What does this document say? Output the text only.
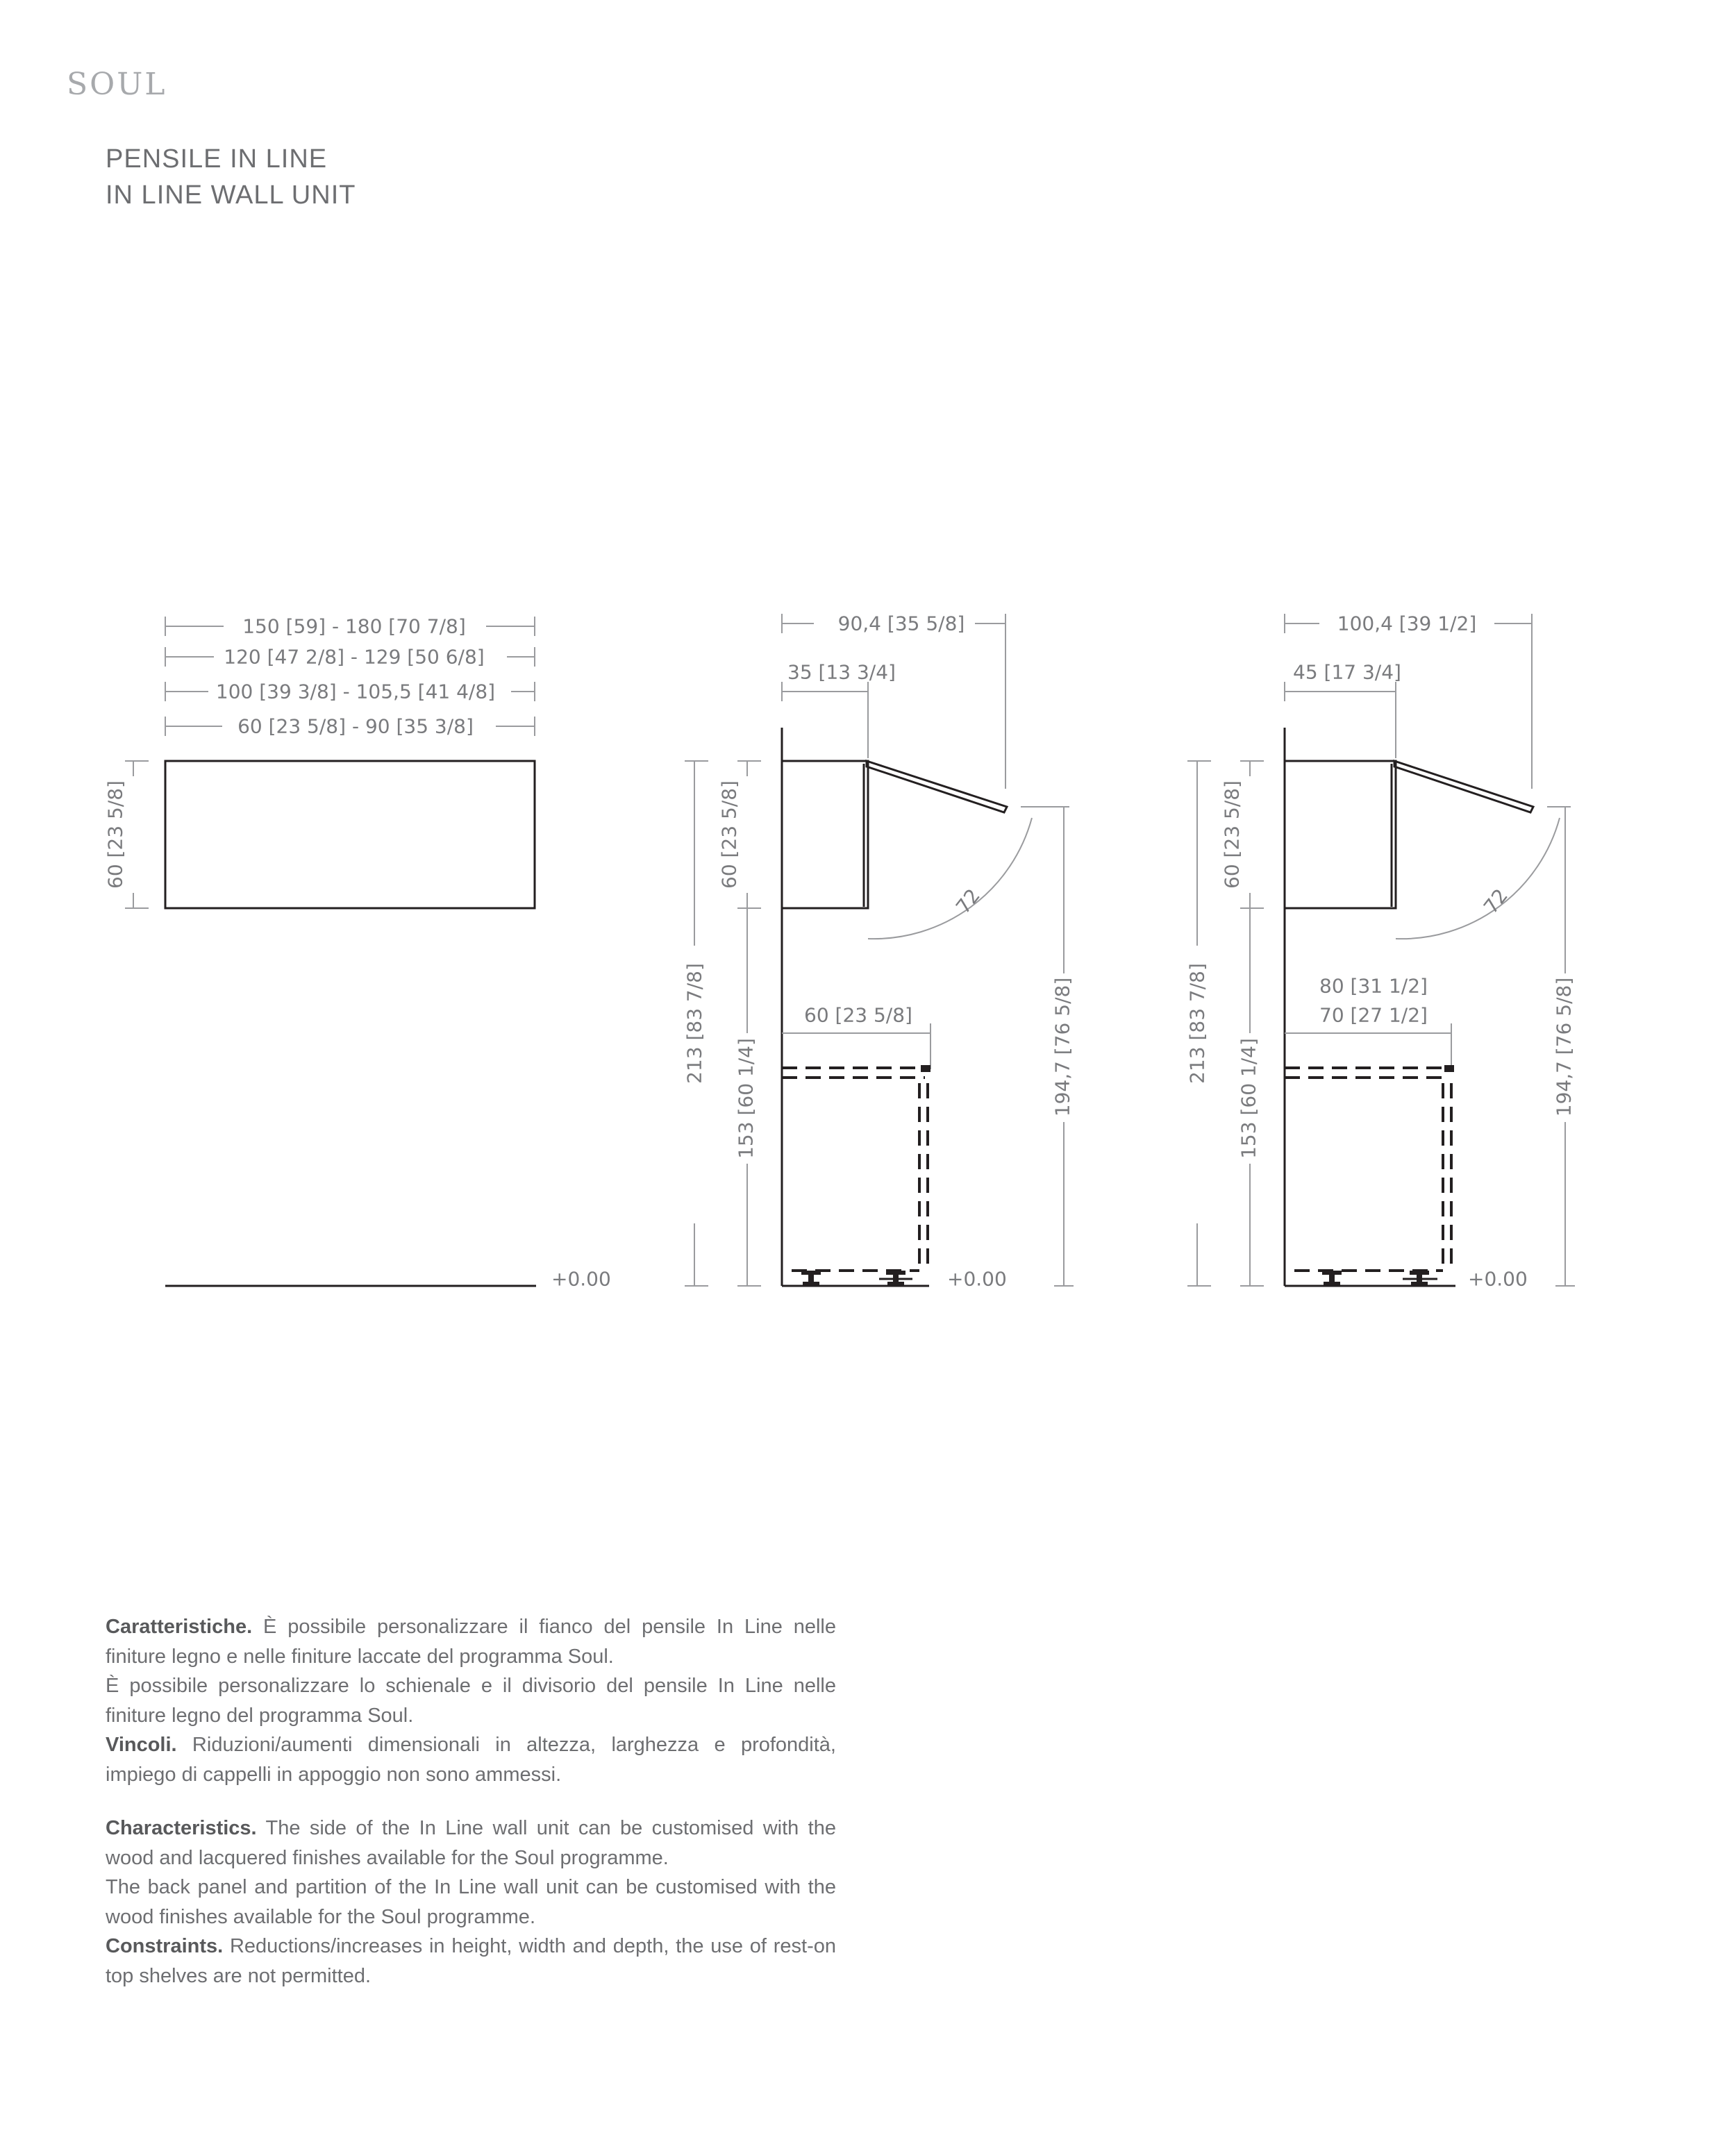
SOUL
PENSILE IN LINE
IN LINE WALL UNIT
150 [59] - 180 [70 7/8]
120 [47 2/8] - 129 [50 6/8]
100 [39 3/8] - 105,5 [41 4/8]
60 [23 5/8] - 90 [35 3/8]
60 [23 5/8]
+0.00
90,4 [35 5/8]
35 [13 3/4]
72
213 [83 7/8]
60 [23 5/8]
153 [60 1/4]	194,7 [76 5/8]
60 [23 5/8]
+0.00
100,4 [39 1/2]
45 [17 3/4]
72
213 [83 7/8]
60 [23 5/8]
153 [60 1/4]	194,7 [76 5/8]
80 [31 1/2]
70 [27 1/2]
+0.00

Caratteristiche. È possibile personalizzare il fianco del pensile In Line nelle finiture legno e nelle finiture laccate del programma Soul.

È possibile personalizzare lo schienale e il divisorio del pensile In Line nelle finiture legno del programma Soul.

Vincoli. Riduzioni/aumenti dimensionali in altezza, larghezza e profondità, impiego di cappelli in appoggio non sono ammessi.

Characteristics. The side of the In Line wall unit can be customised with the wood and lacquered finishes available for the Soul programme.

The back panel and partition of the In Line wall unit can be customised with the wood finishes available for the Soul programme.

Constraints. Reductions/increases in height, width and depth, the use of rest-on top shelves are not permitted.
